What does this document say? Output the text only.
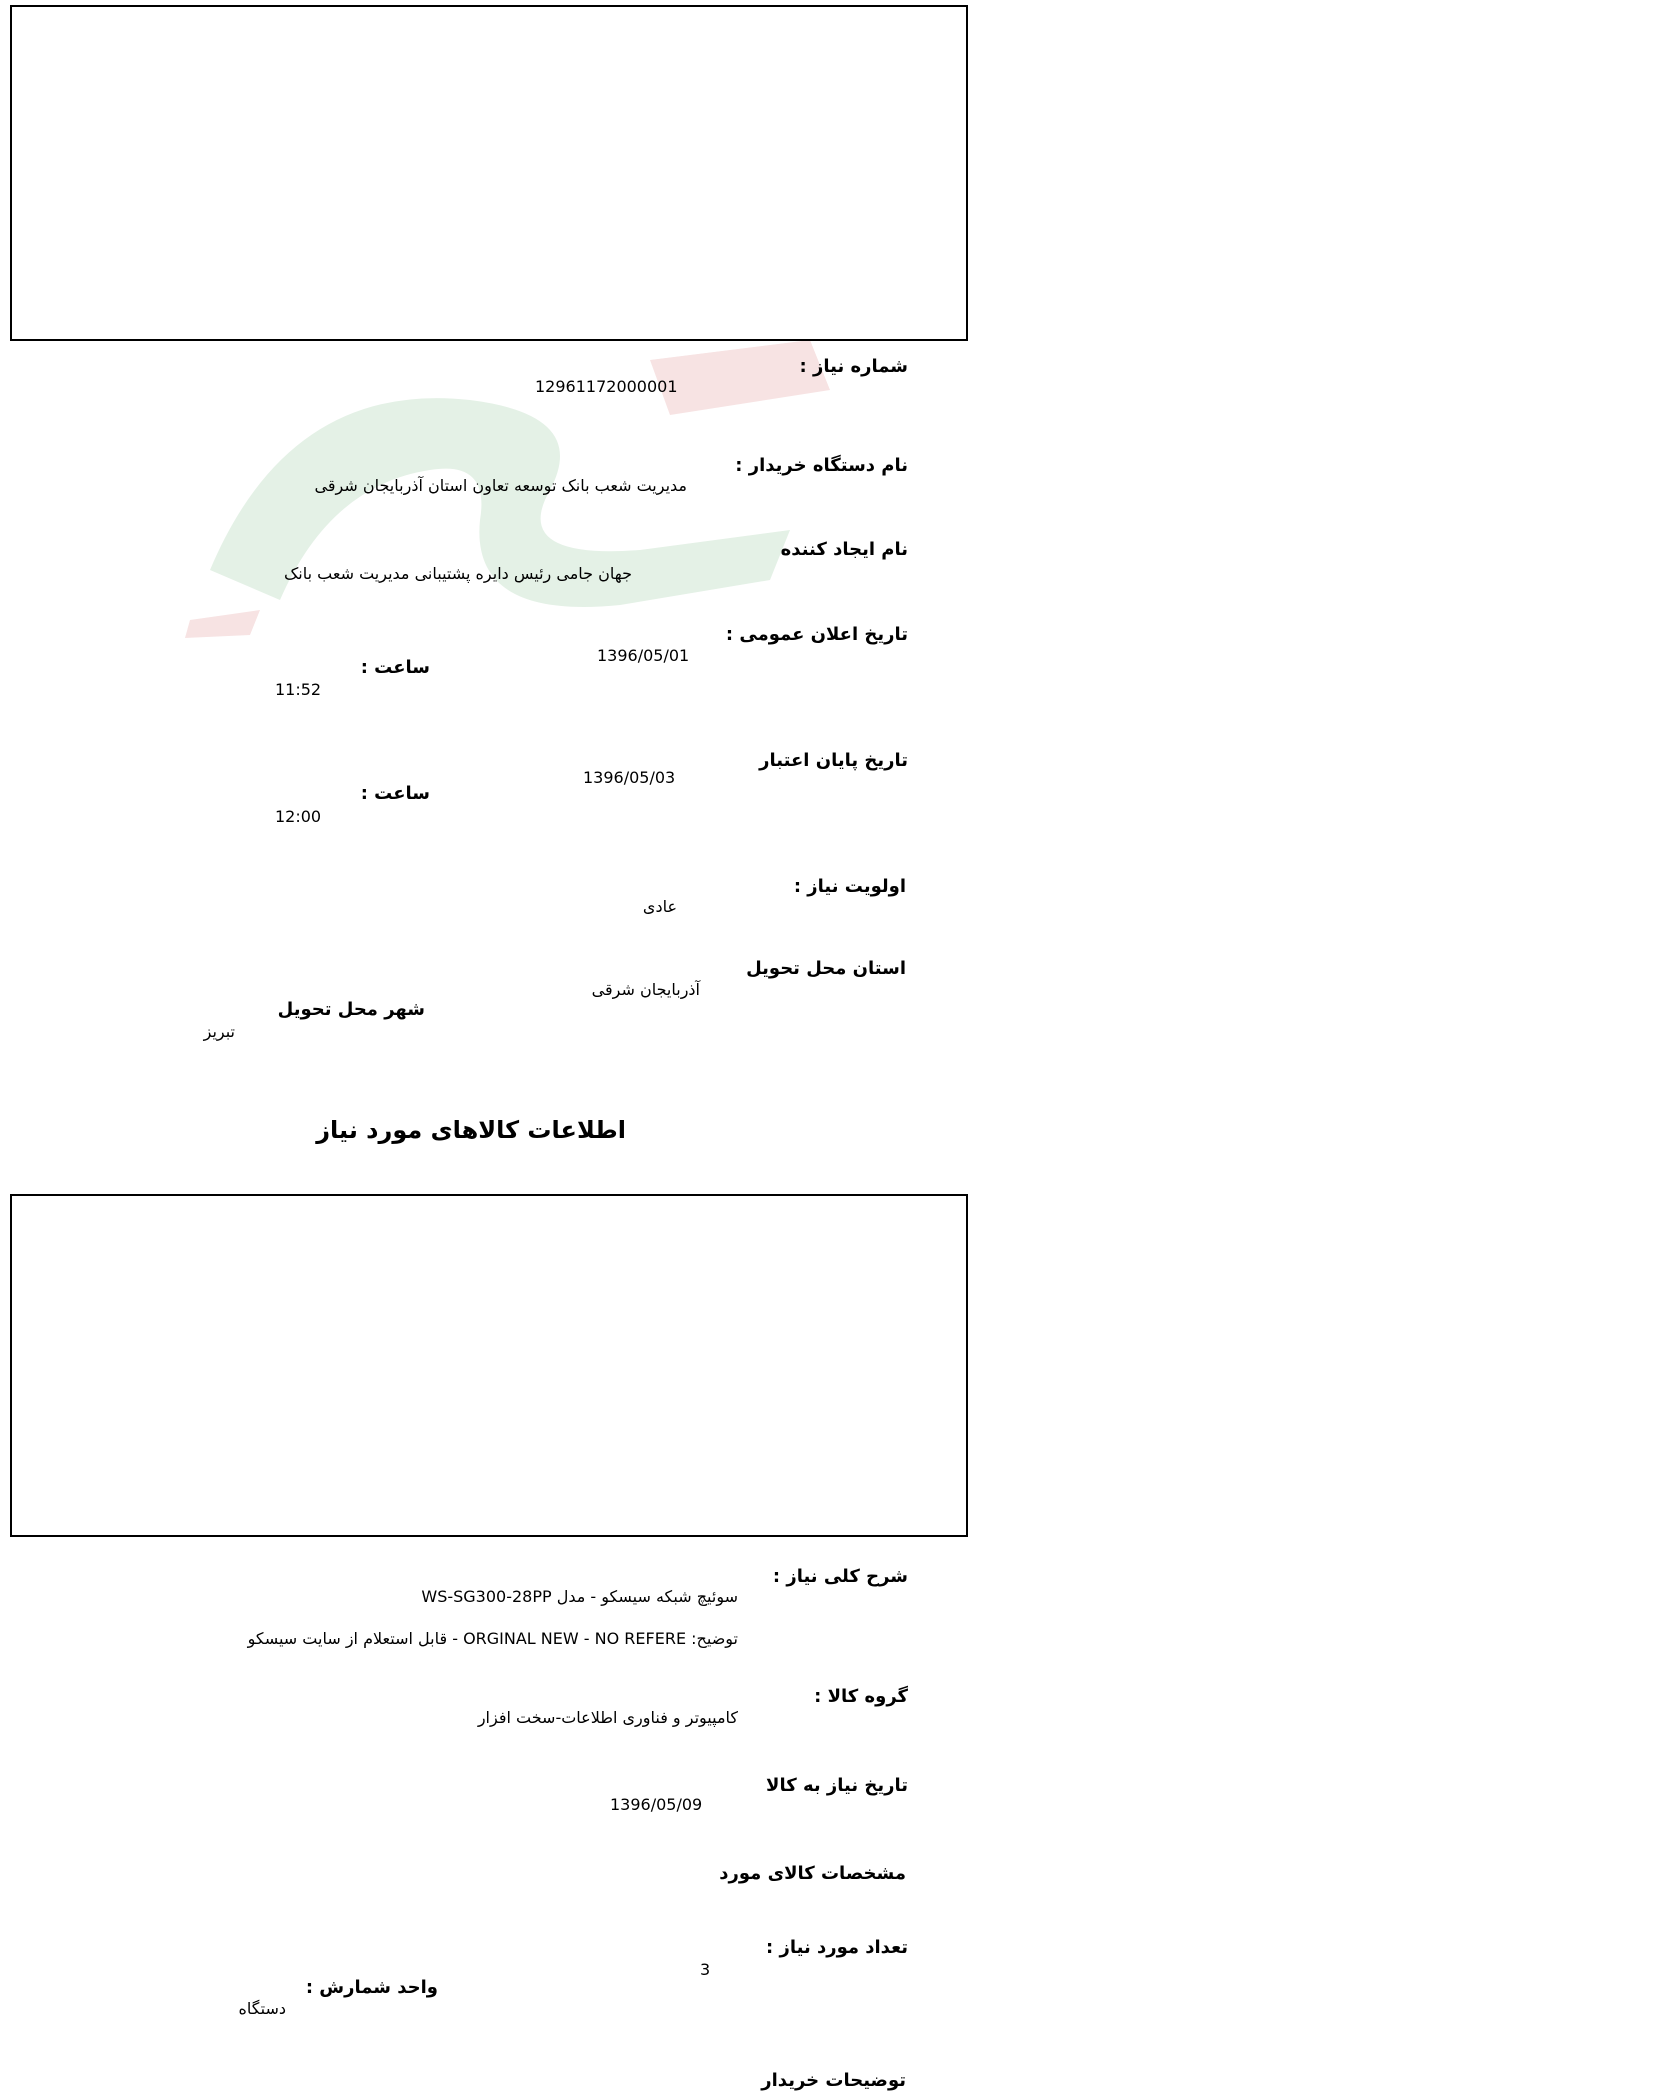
شماره نیاز :
12961172000001
نام دستگاه خریدار :
مدیریت شعب بانک توسعه تعاون استان آذربایجان شرقی
نام ایجاد کننده
جهان جامی رئیس دایره پشتیبانی مدیریت شعب بانک
تاریخ اعلان عمومی :
1396/05/01
ساعت :
11:52
تاریخ پایان اعتبار
1396/05/03
ساعت :
12:00
اولویت نیاز :
عادی
استان محل تحویل
آذربایجان شرقی
شهر محل تحویل
تبریز
اطلاعات کالاهای مورد نیاز
شرح کلی نیاز :
سوئیچ شبکه سیسکو - مدل WS-SG300-28PP
توضیح: ORGINAL NEW - NO REFERE - قابل استعلام از سایت سیسکو
گروه کالا :
کامپیوتر و فناوری اطلاعات-سخت افزار
تاریخ نیاز به کالا
1396/05/09
مشخصات کالای مورد
تعداد مورد نیاز :
3
واحد شمارش :
دستگاه
توضیحات خریدار
